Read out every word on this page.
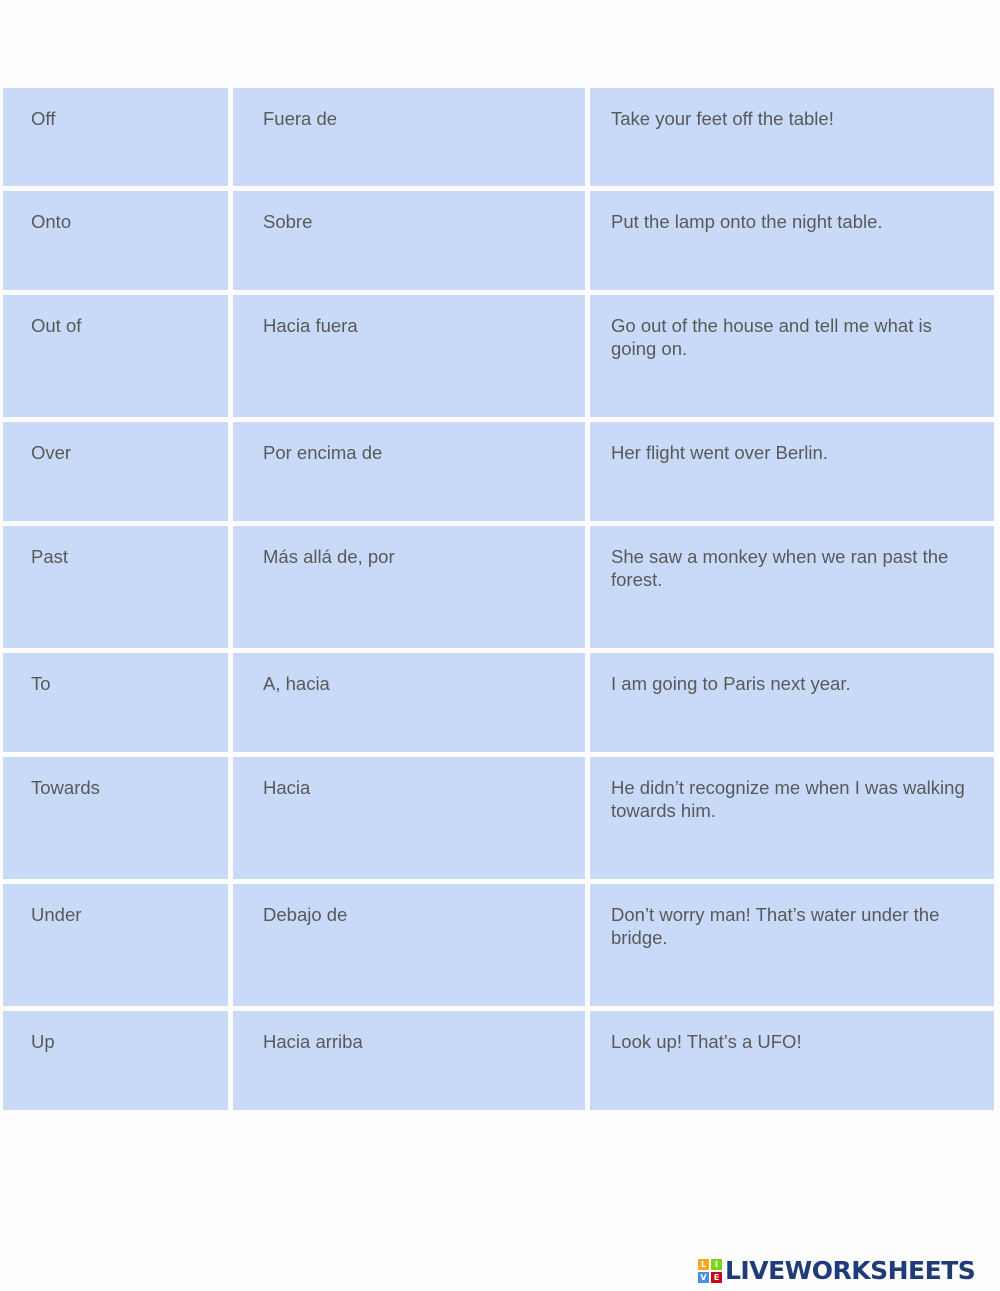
Off	Fuera de	Take your feet off the table!
Onto	Sobre	Put the lamp onto the night table.
Out of	Hacia fuera	Go out of the house and tell me what is going on.
Over	Por encima de	Her flight went over Berlin.
Past	Más allá de, por	She saw a monkey when we ran past the forest.
To	A, hacia	I am going to Paris next year.
Towards	Hacia	He didn’t recognize me when I was walking towards him.
Under	Debajo de	Don’t worry man! That’s water under the bridge.
Up	Hacia arriba	Look up! That’s a UFO!
L	I
V E LIVEWORKSHEETS
